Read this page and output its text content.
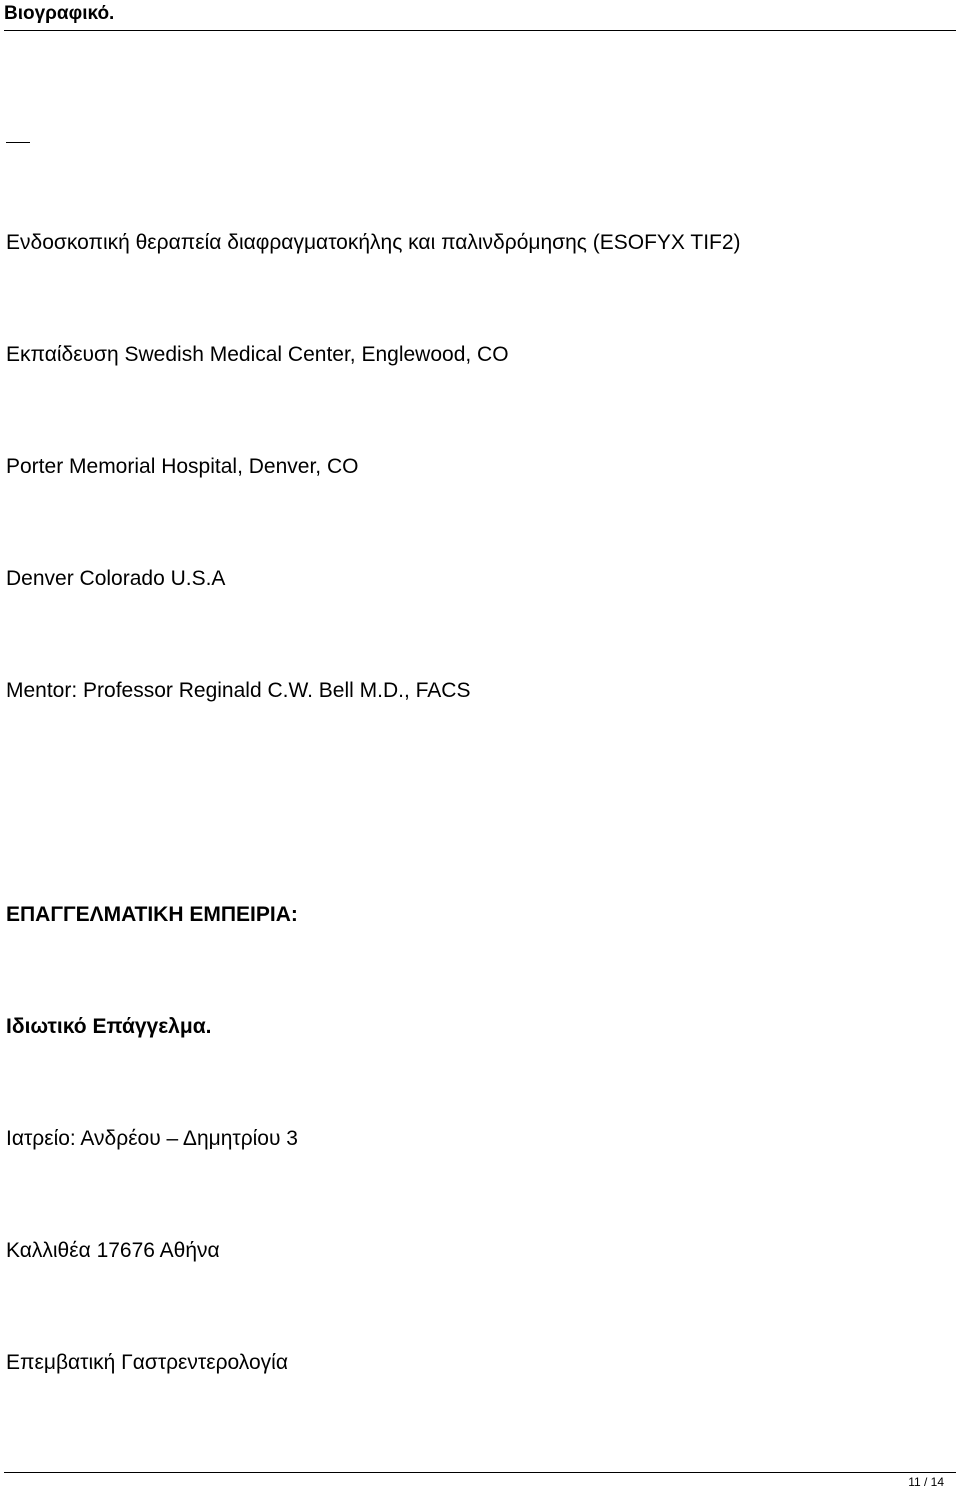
Βιογραφικό.
Ενδοσκοπική θεραπεία διαφραγματοκήλης και παλινδρόμησης (ESOFYX TIF2)
Εκπαίδευση Swedish Medical Center, Englewood, CO
Porter Memorial Hospital, Denver, CO
Denver Colorado U.S.A
Mentor: Professor Reginald C.W. Bell M.D., FACS
ΕΠΑΓΓΕΛΜΑΤΙΚΗ ΕΜΠΕΙΡΙΑ:
Ιδιωτικό Επάγγελμα.
Ιατρείο: Ανδρέου – Δημητρίου 3
Καλλιθέα 17676 Αθήνα
Επεμβατική Γαστρεντερολογία
11 / 14
